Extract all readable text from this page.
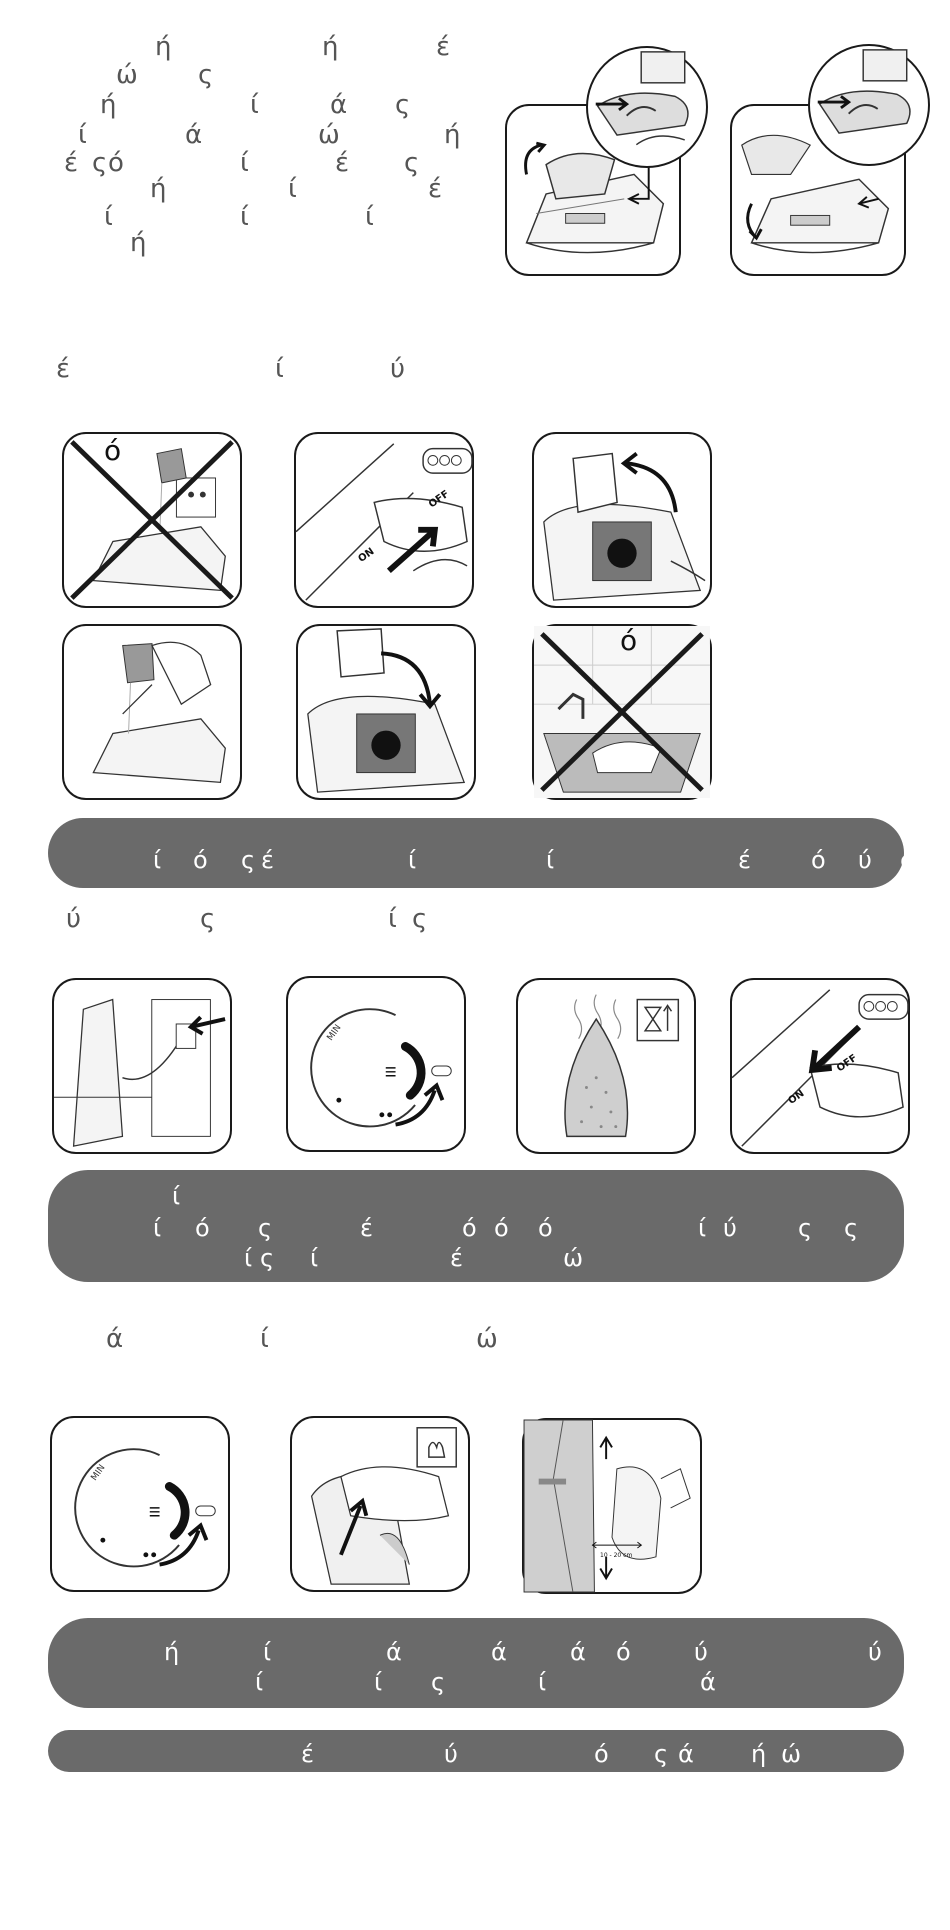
ή	ή	έ
ώ ς
ή	ί	ά ς
ί	ά	ώ	ή
έ ς ό	ί	έ ς
ή	ί	έ
ί	ί	ί
ή
έ	ί	ύ
ON
OFF
ό
ό
ί ό ς έ	ί	ί	έ	ό ύ ς
ύ	ς	ί ς
MIN
ON
OFF
ί
ί ό ς	έ	ό ό ό	ί ύ	ς ς
ί ς ί	έ	ώ
ά	ί	ώ
MIN
10 - 20 cm
ή	ί	ά	ά	ά ό	ύ	ύ
ί	ί ς	ί	ά
έ	ύ	ό ς ά ή ώ
